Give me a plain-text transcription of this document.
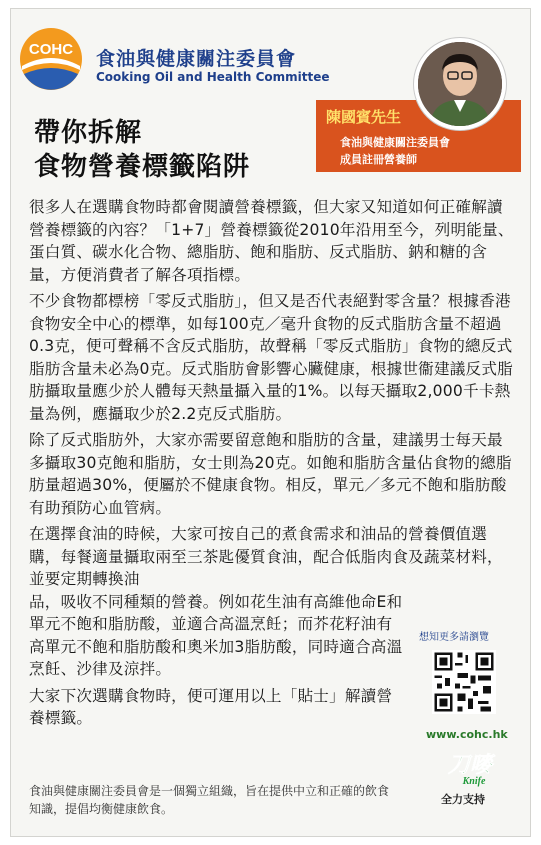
COHC 食油與健康關注委員會
Cooking Oil and Health Committee
帶你拆解
食物營養標籤陷阱
陳國賓先生
食油與健康關注委員會
成員註冊營養師

很多人在選購食物時都會閱讀營養標籤，但大家又知道如何正確解讀營養標籤的內容？「1+7」營養標籤從2010年沿用至今，列明能量、蛋白質、碳水化合物、總脂肪、飽和脂肪、反式脂肪、鈉和糖的含量，方便消費者了解各項指標。

不少食物都標榜「零反式脂肪」，但又是否代表絕對零含量？根據香港食物安全中心的標準，如每100克／毫升食物的反式脂肪含量不超過0.3克，便可聲稱不含反式脂肪，故聲稱「零反式脂肪」食物的總反式脂肪含量未必為0克。反式脂肪會影響心臟健康，根據世衞建議反式脂肪攝取量應少於人體每天熱量攝入量的1%。以每天攝取2,000千卡熱量為例，應攝取少於2.2克反式脂肪。

除了反式脂肪外，大家亦需要留意飽和脂肪的含量，建議男士每天最多攝取30克飽和脂肪，女士則為20克。如飽和脂肪含量佔食物的總脂肪量超過30%，便屬於不健康食物。相反，單元／多元不飽和脂肪酸有助預防心血管病。

在選擇食油的時候，大家可按自己的煮食需求和油品的營養價值選購，每餐適量攝取兩至三茶匙優質食油，配合低脂肉食及蔬菜材料，並要定期轉換油

品，吸收不同種類的營養。例如花生油有高維他命E和單元不飽和脂肪酸，並適合高溫烹飪；而芥花籽油有高單元不飽和脂肪酸和奧米加3脂肪酸，同時適合高溫烹飪、沙律及涼拌。

大家下次選購食物時，便可運用以上「貼士」解讀營養標籤。

食油與健康關注委員會是一個獨立組織，旨在提供中立和正確的飲食知識，提倡均衡健康飲食。
想知更多請瀏覽
www.cohc.hk
刀嘜
Knife
全力支持
